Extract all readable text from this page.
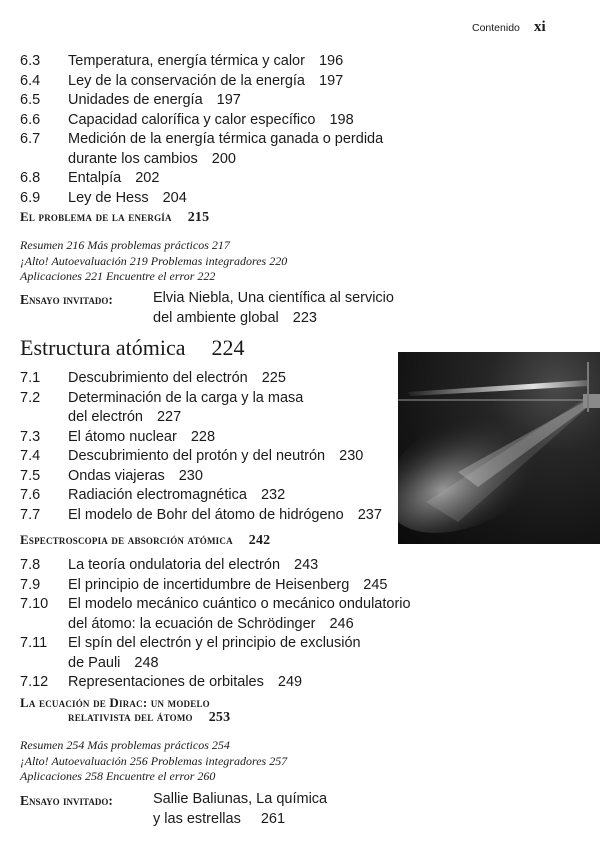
Contenido xi
6.3 Temperatura, energía térmica y calor 196
6.4 Ley de la conservación de la energía 197
6.5 Unidades de energía 197
6.6 Capacidad calorífica y calor específico 198
6.7 Medición de la energía térmica ganada o perdida
durante los cambios 200
6.8 Entalpía 202
6.9 Ley de Hess 204
El problema de la energía 215
Resumen 216 Más problemas prácticos 217
¡Alto! Autoevaluación 219 Problemas integradores 220
Aplicaciones 221 Encuentre el error 222
Ensayo invitado:	Elvia Niebla, Una científica al servicio
del ambiente global 223
Estructura atómica 224
7.1 Descubrimiento del electrón 225
7.2 Determinación de la carga y la masa
del electrón 227
7.3 El átomo nuclear 228
7.4 Descubrimiento del protón y del neutrón 230
7.5 Ondas viajeras 230
7.6 Radiación electromagnética 232
7.7 El modelo de Bohr del átomo de hidrógeno 237
Espectroscopia de absorción atómica 242
7.8 La teoría ondulatoria del electrón 243
7.9 El principio de incertidumbre de Heisenberg 245
7.10 El modelo mecánico cuántico o mecánico ondulatorio
del átomo: la ecuación de Schrödinger 246
7.11 El spín del electrón y el principio de exclusión
de Pauli 248
7.12 Representaciones de orbitales 249
La ecuación de Dirac: un modelo
relativista del átomo 253
Resumen 254 Más problemas prácticos 254
¡Alto! Autoevaluación 256 Problemas integradores 257
Aplicaciones 258 Encuentre el error 260
Ensayo invitado:	Sallie Baliunas, La química
y las estrellas 261
